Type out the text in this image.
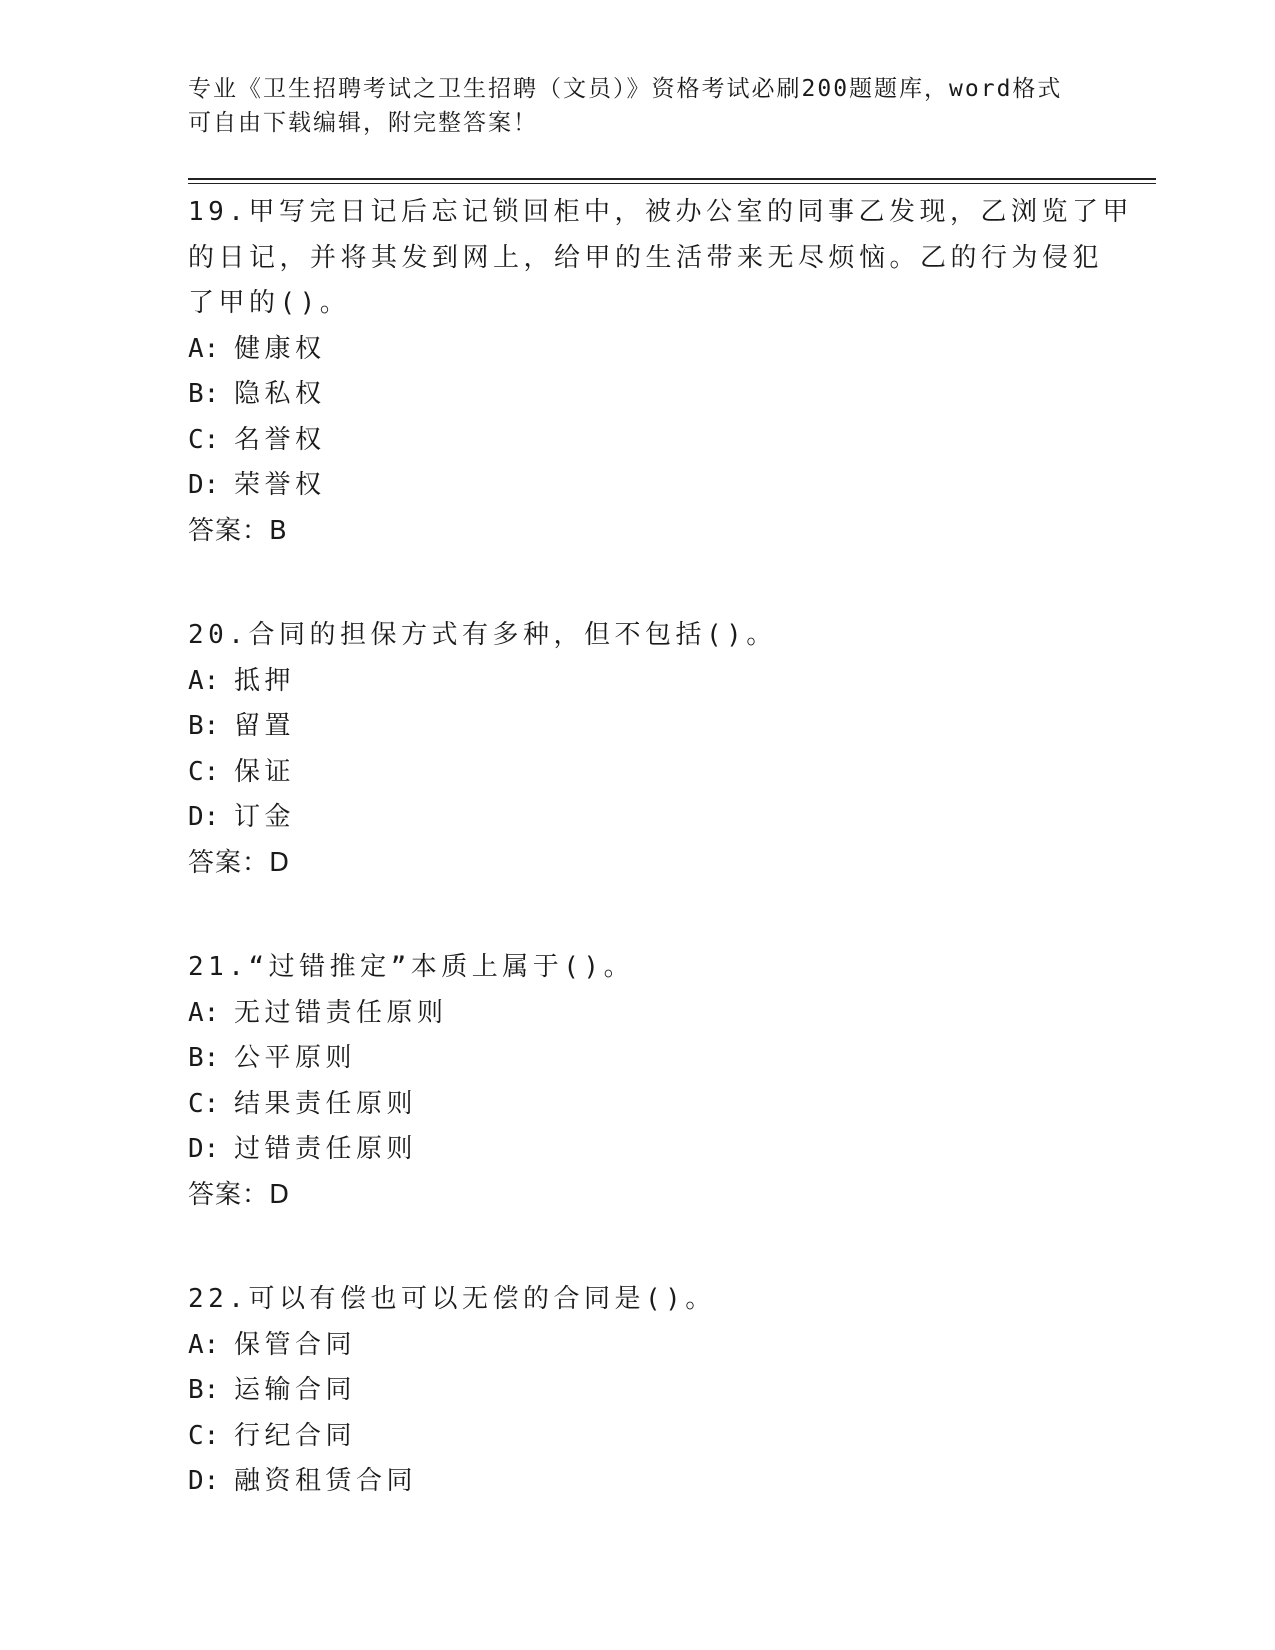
专业《卫生招聘考试之卫生招聘（文员）》资格考试必刷200题题库，word格式
可自由下载编辑，附完整答案！
19.甲写完日记后忘记锁回柜中，被办公室的同事乙发现，乙浏览了甲
的日记，并将其发到网上，给甲的生活带来无尽烦恼。乙的行为侵犯
了甲的()。
A: 健康权
B: 隐私权
C: 名誉权
D: 荣誉权
答案：B
20.合同的担保方式有多种，但不包括()。
A: 抵押
B: 留置
C: 保证
D: 订金
答案：D
21.“过错推定”本质上属于()。
A: 无过错责任原则
B: 公平原则
C: 结果责任原则
D: 过错责任原则
答案：D
22.可以有偿也可以无偿的合同是()。
A: 保管合同
B: 运输合同
C: 行纪合同
D: 融资租赁合同
